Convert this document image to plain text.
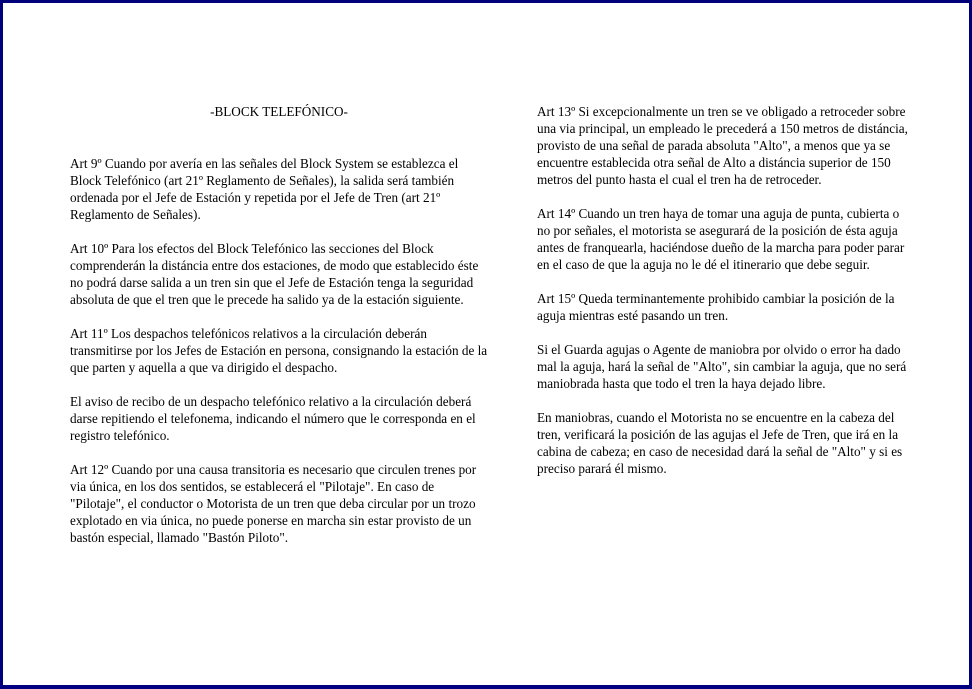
-BLOCK TELEFÓNICO-

Art 9º Cuando por avería en las señales del Block System se establezca el Block Telefónico (art 21º Reglamento de Señales), la salida será también ordenada por el Jefe de Estación y repetida por el Jefe de Tren (art 21º Reglamento de Señales).

Art 10º Para los efectos del Block Telefónico las secciones del Block comprenderán la distáncia entre dos estaciones, de modo que establecido éste no podrá darse salida a un tren sin que el Jefe de Estación tenga la seguridad absoluta de que el tren que le precede ha salido ya de la estación siguiente.

Art 11º Los despachos telefónicos relativos a la circulación deberán transmitirse por los Jefes de Estación en persona, consignando la estación de la que parten y aquella a que va dirigido el despacho.

El aviso de recibo de un despacho telefónico relativo a la circulación deberá darse repitiendo el telefonema, indicando el número que le corresponda en el registro telefónico.

Art 12º Cuando por una causa transitoria es necesario que circulen trenes por via única, en los dos sentidos, se establecerá el "Pilotaje". En caso de "Pilotaje", el conductor o Motorista de un tren que deba circular por un trozo explotado en via única, no puede ponerse en marcha sin estar provisto de un bastón especial, llamado "Bastón Piloto".

Art 13º Si excepcionalmente un tren se ve obligado a retroceder sobre una via principal, un empleado le precederá a 150 metros de distáncia, provisto de una señal de parada absoluta "Alto", a menos que ya se encuentre establecida otra señal de Alto a distáncia superior de 150 metros del punto hasta el cual el tren ha de retroceder.

Art 14º Cuando un tren haya de tomar una aguja de punta, cubierta o no por señales, el motorista se asegurará de la posición de ésta aguja antes de franquearla, haciéndose dueño de la marcha para poder parar en el caso de que la aguja no le dé el itinerario que debe seguir.

Art 15º Queda terminantemente prohibido cambiar la posición de la aguja mientras esté pasando un tren.

Si el Guarda agujas o Agente de maniobra por olvido o error ha dado mal la aguja, hará la señal de "Alto", sin cambiar la aguja, que no será maniobrada hasta que todo el tren la haya dejado libre.

En maniobras, cuando el Motorista no se encuentre en la cabeza del tren, verificará la posición de las agujas el Jefe de Tren, que irá en la cabina de cabeza; en caso de necesidad dará la señal de "Alto" y si es preciso parará él mismo.
